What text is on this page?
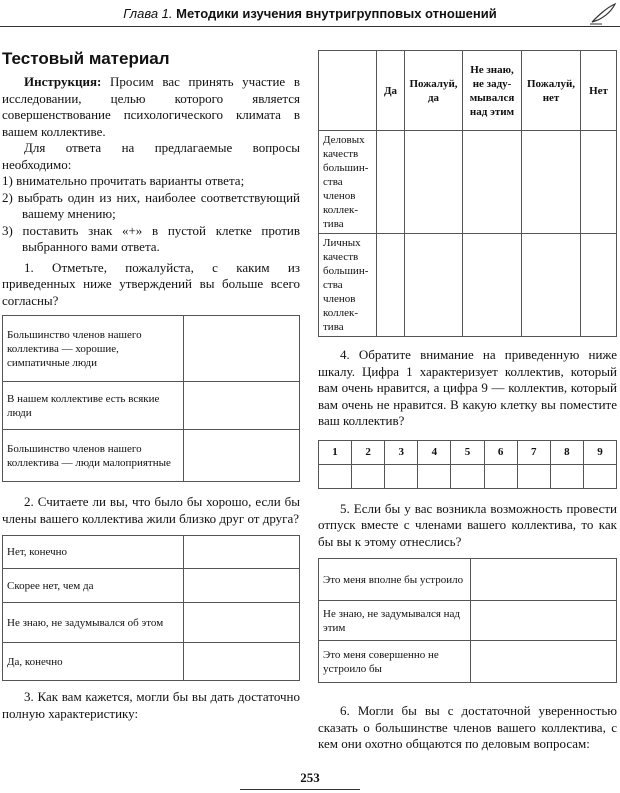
Глава 1. Методики изучения внутригрупповых отношений
Тестовый материал
Инструкция: Просим вас принять участие в исследовании, целью которого является совершенствование психологического климата в вашем коллективе.
Для ответа на предлагаемые вопросы необходимо:
1) внимательно прочитать варианты ответа;
2) выбрать один из них, наиболее соответствующий вашему мнению;
3) поставить знак «+» в пустой клетке против выбранного вами ответа.
1. Отметьте, пожалуйста, с каким из приведенных ниже утверждений вы больше всего согласны?
Большинство членов нашего коллектива — хорошие, симпатичные люди	
В нашем коллективе есть всякие люди	
Большинство членов нашего коллектива — люди малоприятные	
2. Считаете ли вы, что было бы хорошо, если бы члены вашего коллектива жили близко друг от друга?
Нет, конечно	
Скорее нет, чем да	
Не знаю, не задумывался об этом	
Да, конечно	
3. Как вам кажется, могли бы вы дать достаточно полную характеристику:
	Да	Пожалуй, да	Не знаю, не заду-мывался над этим	Пожалуй, нет	Нет
Деловых качеств большин-ства членов коллек-тива					
Личных качеств большин-ства членов коллек-тива					
4. Обратите внимание на приведенную ниже шкалу. Цифра 1 характеризует коллектив, который вам очень нравится, а цифра 9 — коллектив, который вам очень не нравится. В какую клетку вы поместите ваш коллектив?
1	2	3	4	5	6	7	8	9

5. Если бы у вас возникла возможность провести отпуск вместе с членами вашего коллектива, то как бы вы к этому отнеслись?
Это меня вполне бы устроило	
Не знаю, не задумывался над этим	
Это меня совершенно не устроило бы	
6. Могли бы вы с достаточной уверенностью сказать о большинстве членов вашего коллектива, с кем они охотно общаются по деловым вопросам:
253
